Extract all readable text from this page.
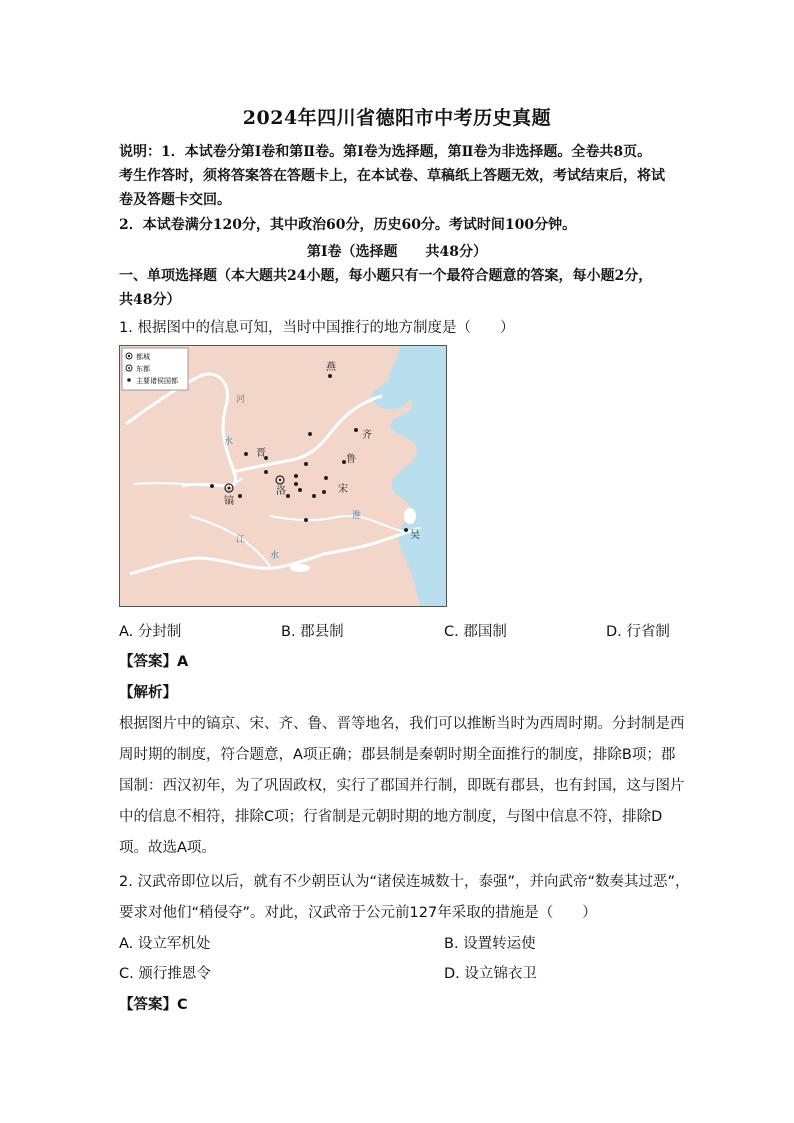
2024年四川省德阳市中考历史真题
说明：1．本试卷分第Ⅰ卷和第Ⅱ卷。第Ⅰ卷为选择题，第Ⅱ卷为非选择题。全卷共8页。
考生作答时，须将答案答在答题卡上，在本试卷、草稿纸上答题无效，考试结束后，将试
卷及答题卡交回。
2．本试卷满分120分，其中政治60分，历史60分。考试时间100分钟。
第Ⅰ卷（选择题　　共48分）
一、单项选择题（本大题共24小题，每小题只有一个最符合题意的答案，每小题2分，
共48分）
1. 根据图中的信息可知，当时中国推行的地方制度是（　　）
都城
东都
主要诸侯国都
燕
齐
晋
鲁
宋
镐
洛
吴
河
水
江
水
淮
A. 分封制	B. 郡县制	C. 郡国制	D. 行省制
【答案】A
【解析】
根据图片中的镐京、宋、齐、鲁、晋等地名，我们可以推断当时为西周时期。分封制是西
周时期的制度，符合题意，A项正确；郡县制是秦朝时期全面推行的制度，排除B项；郡
国制：西汉初年，为了巩固政权，实行了郡国并行制，即既有郡县，也有封国，这与图片
中的信息不相符，排除C项；行省制是元朝时期的地方制度，与图中信息不符，排除D
项。故选A项。
2. 汉武帝即位以后，就有不少朝臣认为“诸侯连城数十，泰强”，并向武帝“数奏其过恶”，
要求对他们“稍侵夺”。对此，汉武帝于公元前127年采取的措施是（　　）
A. 设立军机处	B. 设置转运使
C. 颁行推恩令	D. 设立锦衣卫
【答案】C
